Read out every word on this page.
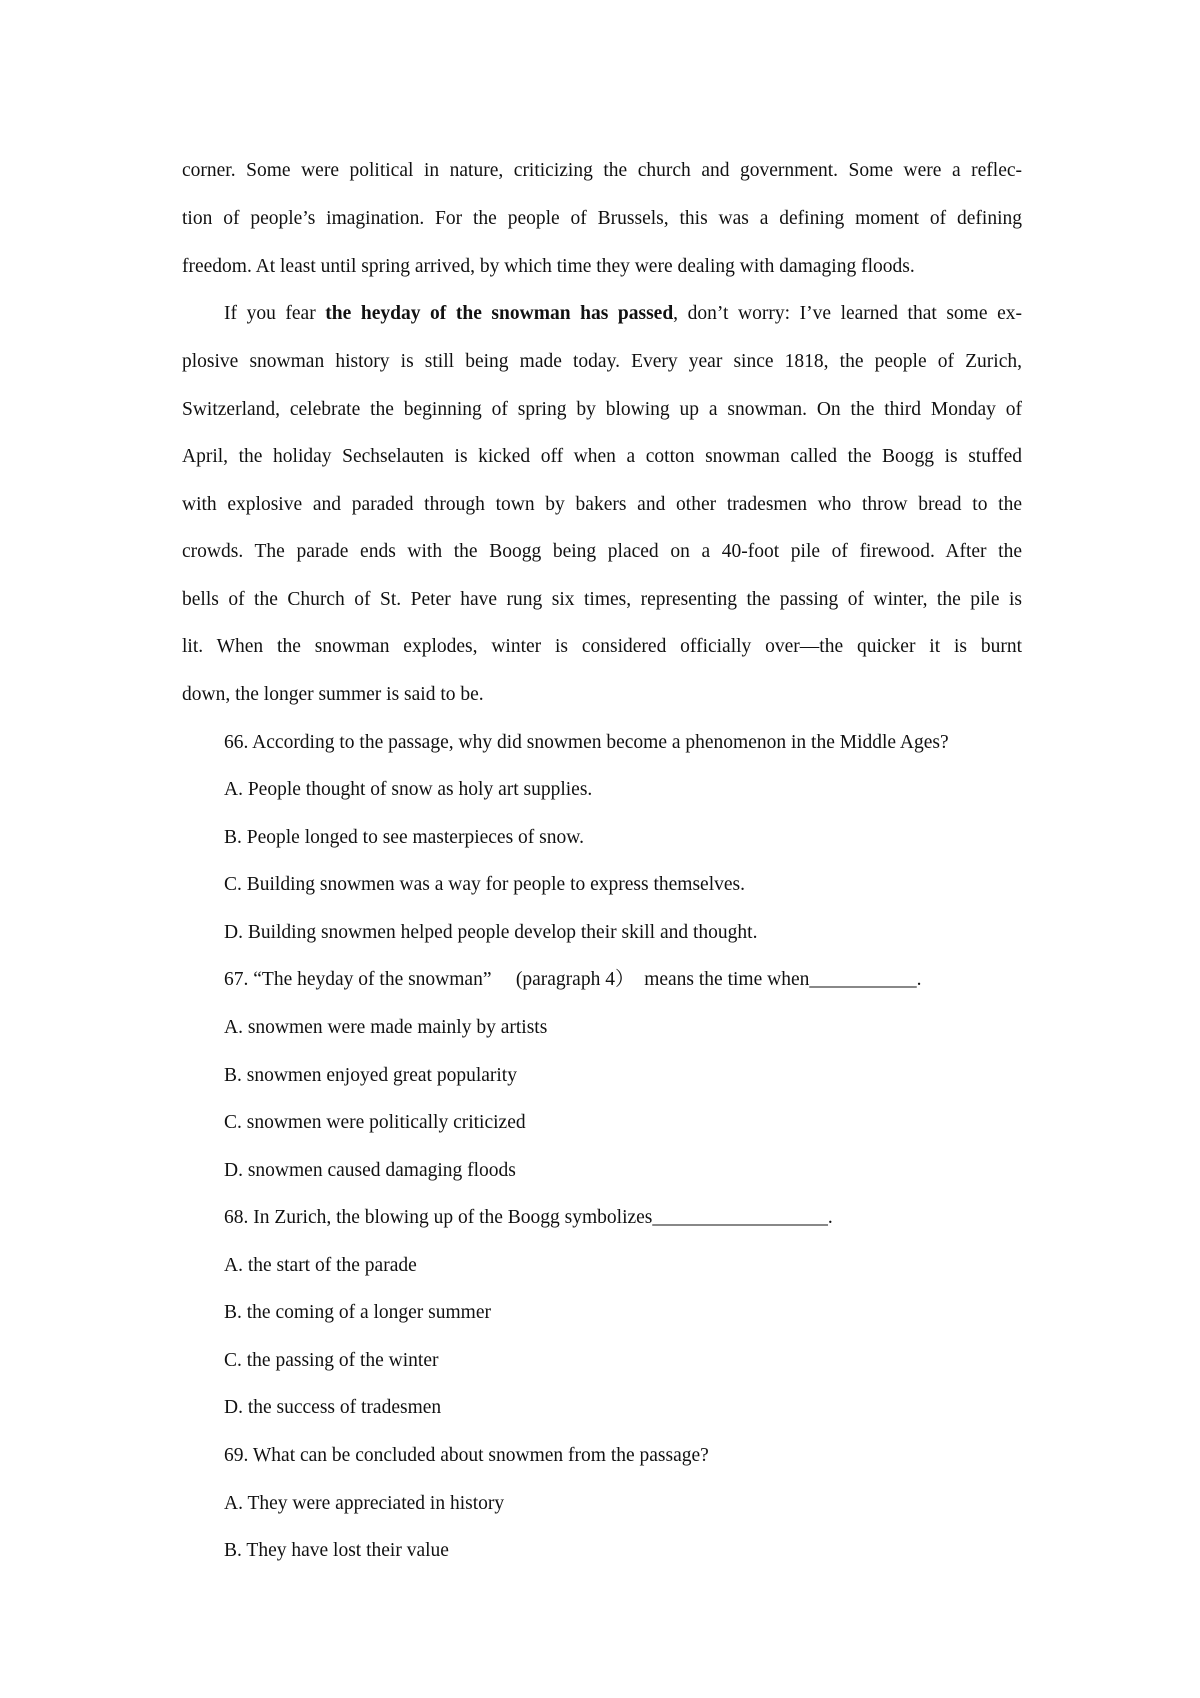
corner. Some were political in nature, criticizing the church and government. Some were a reflec-
tion of people’s imagination. For the people of Brussels, this was a defining moment of defining
freedom. At least until spring arrived, by which time they were dealing with damaging floods.
If you fear the heyday of the snowman has passed, don’t worry: I’ve learned that some ex-
plosive snowman history is still being made today. Every year since 1818, the people of Zurich,
Switzerland, celebrate the beginning of spring by blowing up a snowman. On the third Monday of
April, the holiday Sechselauten is kicked off when a cotton snowman called the Boogg is stuffed
with explosive and paraded through town by bakers and other tradesmen who throw bread to the
crowds. The parade ends with the Boogg being placed on a 40-foot pile of firewood. After the
bells of the Church of St. Peter have rung six times, representing the passing of winter, the pile is
lit. When the snowman explodes, winter is considered officially over—the quicker it is burnt
down, the longer summer is said to be.
66. According to the passage, why did snowmen become a phenomenon in the Middle Ages?
A. People thought of snow as holy art supplies.
B. People longed to see masterpieces of snow.
C. Building snowmen was a way for people to express themselves.
D. Building snowmen helped people develop their skill and thought.
67. “The heyday of the snowman” 　(paragraph 4）　means the time when___________.
A. snowmen were made mainly by artists
B. snowmen enjoyed great popularity
C. snowmen were politically criticized
D. snowmen caused damaging floods
68. In Zurich, the blowing up of the Boogg symbolizes__________________.
A. the start of the parade
B. the coming of a longer summer
C. the passing of the winter
D. the success of tradesmen
69. What can be concluded about snowmen from the passage?
A. They were appreciated in history
B. They have lost their value
